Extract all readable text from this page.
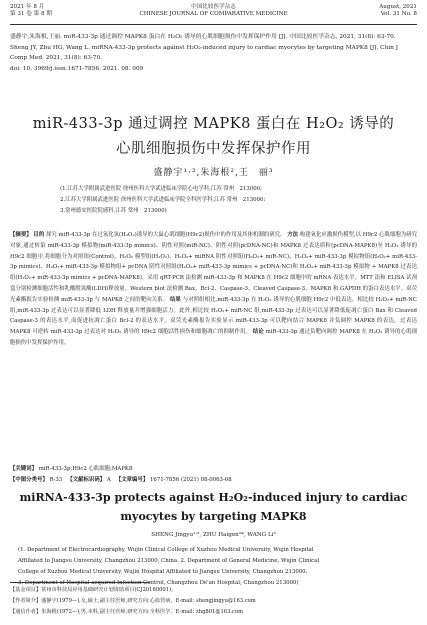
2021 年 8 月
第 31 卷 第 8 期
中国比较医学杂志
CHINESE JOURNAL OF COMPARATIVE MEDICINE
August, 2021
Vol. 31 No. 8

盛静宇,朱海根,王丽. miR-433-3p 通过调控 MAPK8 蛋白在 H₂O₂ 诱导的心肌细胞损伤中发挥保护作用 [J]. 中国比较医学杂志, 2021, 31(8): 63-70.

Sheng JY, Zhu HG, Wang L. miRNA-433-3p protects against H₂O₂-induced injury to cardiac myocytes by targeting MAPK8 [J]. Chin J Comp Med, 2021, 31(8): 63-70.

doi: 10. 3969/j.issn.1671-7856. 2021. 08. 009

miR-433-3p 通过调控 MAPK8 蛋白在 H₂O₂ 诱导的
心肌细胞损伤中发挥保护作用
盛静宇¹·²,朱海根²,王　丽³

(1.江苏大学附属武进医院 徐州医科大学武进临床学院心电学科,江苏 常州　213000;

2.江苏大学附属武进医院 徐州医科大学武进临床学院全科医学科,江苏 常州　213000;

3.常州德安医院院感科,江苏 常州　213000)

【摘要】 目的 探究 miR-433-3p 在过氧化氢(H₂O₂)诱导的大鼠心肌细胞(H9c2)损伤中的作用及其体机制的研究。 方法 构建氧化应激损伤模型,以 H9c2 心肌细胞为研究对象,通过转染 miR-433-3p 模拟物(miR-433-3p mimics)、阴性对照(miR-NC)、阴性对照(pcDNA-NC)和 MAPK8 过表达质粒(pcDNA-MAPK8)至 H₂O₂ 诱导的 H9c2 细胞中,将细胞分为对照组(Control)、H₂O₂ 模型组(H₂O₂)、H₂O₂+ miRNA 阴性对照组(H₂O₂+ miR-NC)、H₂O₂+ miR-433-3p 模拟物组(H₂O₂+ miR-433-3p mimics)、H₂O₂+ miR-433-3p 模拟物组+ pcDNA 阴性对照组(H₂O₂+ miR-433-3p mimics + pcDNA-NC)和 H₂O₂+ miR-433-3p 模拟物 + MAPK8 过表达组(H₂O₂+ miR-433-3p mimics + pcDNA-MAPK8)。采用 qRT-PCR 法检测 miR-433-3p 和 MAPK8 在 H9c2 细胞中的 mRNA 表达水平。MTT 法和 ELISA 试剂盒分别检测细胞活性和乳酸脱氢酶(LDH)释放量。Western blot 法检测 Bax、Bcl-2、Caspase-3、Cleaved Caspase-3、MAPK8 和 GAPDH 的蛋白表达水平。双荧光素酶报告实验检测 miR-433-3p 与 MAPK8 之间的靶向关系。 结果 与对照组相比,miR-433-3p 在 H₂O₂ 诱导的心肌细胞 H9c2 中低表达。相比较 H₂O₂+ miR-NC 组,miR-433-3p 过表达可以显著降低 LDH 释放量并增强细胞活力。此外,相比较 H₂O₂+ miR-NC 组,miR-433-3p 过表达可以显著降低促凋亡蛋白 Bax 和 Cleaved Caspase-3 的表达水平,而促进抗凋亡蛋白 Bcl-2 的表达水平。双荧光素酶报告实验显示 miR-433-3p 可以靶向结合 MAPK8 并负调控 MAPK8 的表达。过表达 MAPK8 可逆转 miR-433-3p 过表达对 H₂O₂ 诱导的 H9c2 细胞活性损伤和细胞凋亡的抑制作用。 结论 miR-433-3p 通过负靶向调控 MAPK8 在 H₂O₂ 诱导的心肌细胞损伤中发挥保护作用。

【关键词】 miR-433-3p;H9c2 心肌细胞;MAPK8

【中图分类号】 R-33 【文献标识码】 A 【文章编号】 1671-7856 (2021) 08-0063-08

miRNA-433-3p protects against H₂O₂-induced injury to cardiac
myocytes by targeting MAPK8
SHENG Jingyu¹·², ZHU Haigen²*, WANG Li³

(1. Department of Electrocardiography, Wujin Clinical College of Xuzhou Medical University, Wujin Hospital

Affiliated to Jiangsu University, Changzhou 213000, China. 2. Department of General Medicine, Wujin Clinical

College of Xuzhou Medical University, Wujin Hospital Affiliated to Jiangsu University, Changzhou 213000.

3. Department of Hospital-acquired Infection Control, Changzhou De'an Hospital, Changzhou 213000)

【基金项目】常州市科技局应用基础研究计划资助项目(CJ20160001)。

【作者简介】盛静宇(1979—),女,硕士,副主任医师,研究方向:心血管病。E-mail: shengjingyu@163.com

【通信作者】朱海根(1972—),男,本科,副主任医师,研究方向:全科医学。E-mail: zhg801@163.com
